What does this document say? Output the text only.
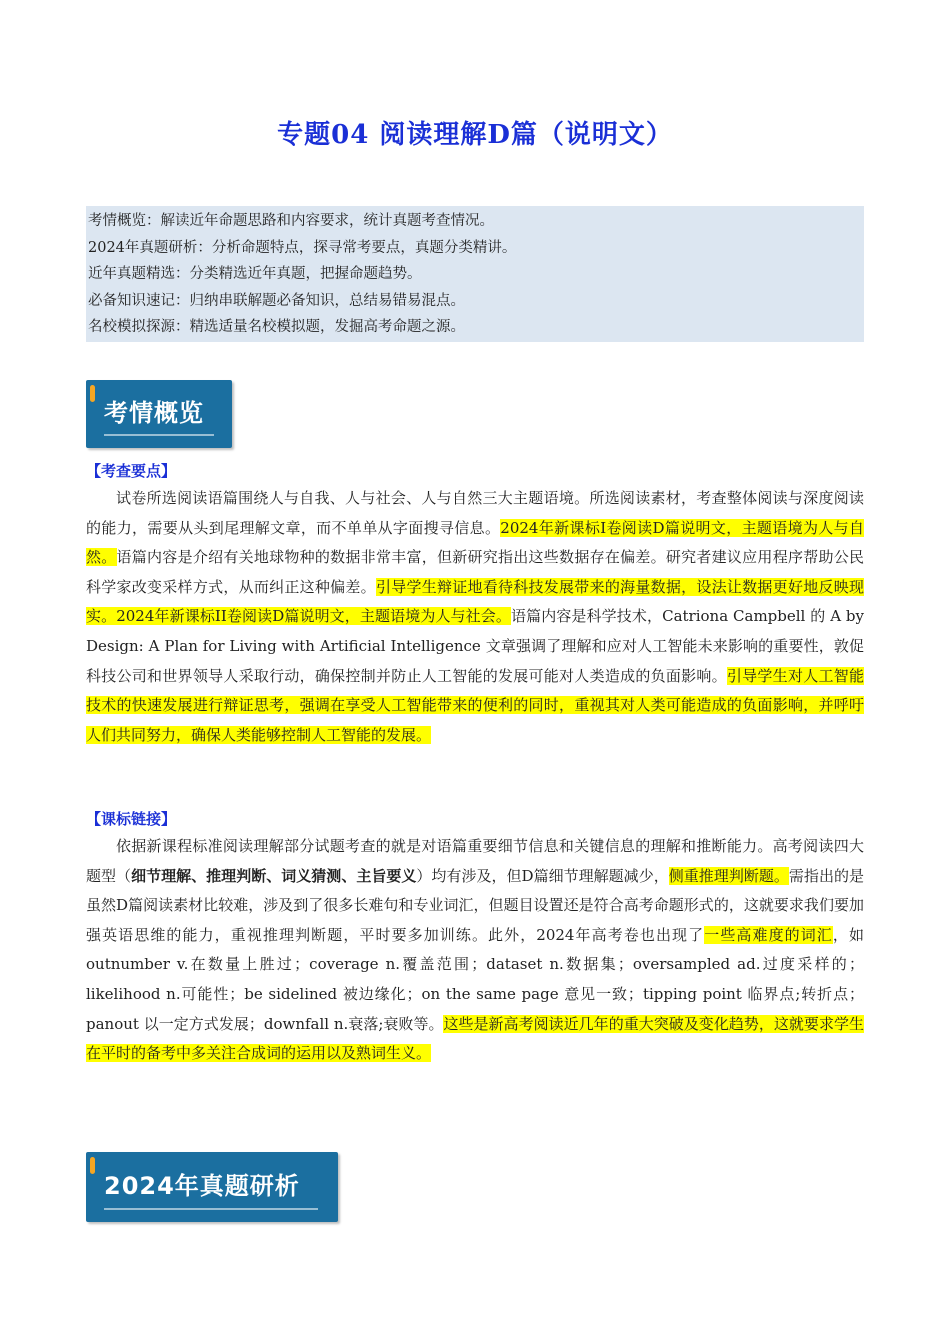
专题04 阅读理解D篇（说明文）
考情概览：解读近年命题思路和内容要求，统计真题考查情况。
2024年真题研析：分析命题特点，探寻常考要点，真题分类精讲。
近年真题精选：分类精选近年真题，把握命题趋势。
必备知识速记：归纳串联解题必备知识，总结易错易混点。
名校模拟探源：精选适量名校模拟题，发掘高考命题之源。
考情概览
【考查要点】
试卷所选阅读语篇围绕人与自我、人与社会、人与自然三大主题语境。所选阅读素材，考查整体阅读与深度阅读的能力，需要从头到尾理解文章，而不单单从字面搜寻信息。2024年新课标I卷阅读D篇说明文，主题语境为人与自然。语篇内容是介绍有关地球物种的数据非常丰富，但新研究指出这些数据存在偏差。研究者建议应用程序帮助公民科学家改变采样方式，从而纠正这种偏差。引导学生辩证地看待科技发展带来的海量数据，设法让数据更好地反映现实。2024年新课标II卷阅读D篇说明文，主题语境为人与社会。语篇内容是科学技术，Catriona Campbell 的 A by Design: A Plan for Living with Artificial Intelligence 文章强调了理解和应对人工智能未来影响的重要性，敦促科技公司和世界领导人采取行动，确保控制并防止人工智能的发展可能对人类造成的负面影响。引导学生对人工智能技术的快速发展进行辩证思考，强调在享受人工智能带来的便利的同时，重视其对人类可能造成的负面影响，并呼吁人们共同努力，确保人类能够控制人工智能的发展。
【课标链接】
依据新课程标准阅读理解部分试题考查的就是对语篇重要细节信息和关键信息的理解和推断能力。高考阅读四大题型（细节理解、推理判断、词义猜测、主旨要义）均有涉及，但D篇细节理解题减少，侧重推理判断题。需指出的是虽然D篇阅读素材比较难，涉及到了很多长难句和专业词汇，但题目设置还是符合高考命题形式的，这就要求我们要加强英语思维的能力，重视推理判断题，平时要多加训练。此外，2024年高考卷也出现了一些高难度的词汇，如outnumber v.在数量上胜过；coverage n.覆盖范围；dataset n.数据集；oversampled ad.过度采样的；likelihood n.可能性；be sidelined 被边缘化；on the same page 意见一致；tipping point 临界点;转折点；panout 以一定方式发展；downfall n.衰落;衰败等。这些是新高考阅读近几年的重大突破及变化趋势，这就要求学生在平时的备考中多关注合成词的运用以及熟词生义。
2024年真题研析
